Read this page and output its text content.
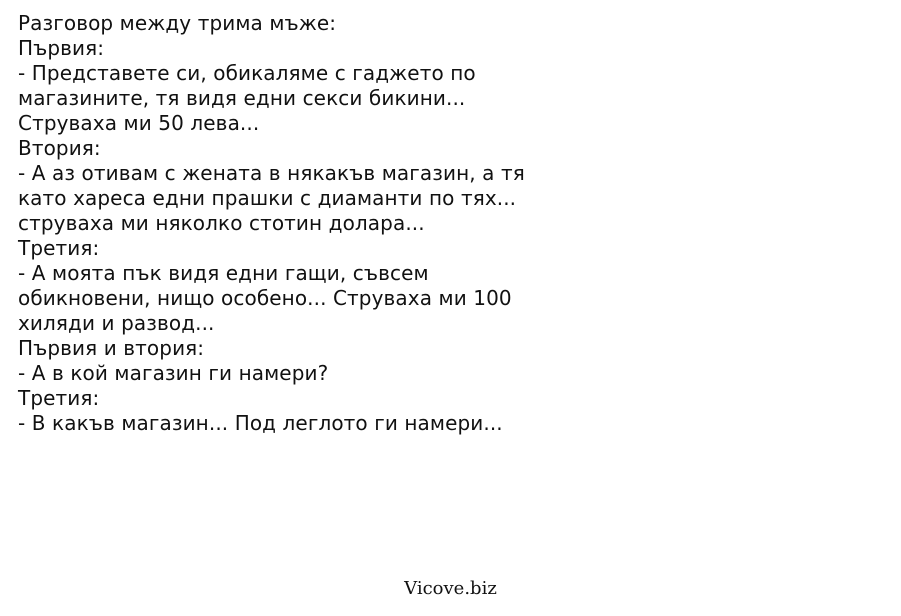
Разговор между трима мъже:
Първия:
- Представете си, обикаляме с гаджето по
магазините, тя видя едни секси бикини...
Струваха ми 50 лева...
Втория:
- А аз отивам с жената в някакъв магазин, а тя
като хареса едни прашки с диаманти по тях...
струваха ми няколко стотин долара...
Третия:
- А моята пък видя едни гащи, съвсем
обикновени, нищо особено... Струваха ми 100
хиляди и развод...
Първия и втория:
- А в кой магазин ги намери?
Третия:
- В какъв магазин... Под леглото ги намери...
Vicove.biz
